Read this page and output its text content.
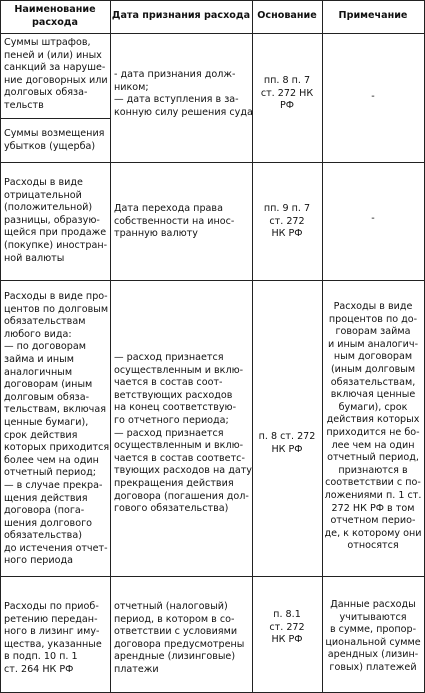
Наименование
расхода
Дата признания расхода Основание	Примечание
Суммы штрафов,
пеней и (или) иных
санкций за наруше-
ние договорных или
долговых обяза-
тельств
Суммы возмещения
убытков (ущерба)
- дата признания долж-
ником;
— дата вступления в за-
конную силу решения суда
пп. 8 п. 7
ст. 272 НК
РФ
-
Расходы в виде
отрицательной
(положительной)
разницы, образую-
щейся при продаже
(покупке) иностран-
ной валюты
Дата перехода права
собственности на инос-
транную валюту
пп. 9 п. 7
ст. 272
НК РФ
-
Расходы в виде про-
центов по долговым
обязательствам
любого вида:
— по договорам
займа и иным
аналогичным
договорам (иным
долговым обяза-
тельствам, включая
ценные бумаги),
срок действия
которых приходится
более чем на один
отчетный период;
— в случае прекра-
щения действия
договора (пога-
шения долгового
обязательства)
до истечения отчет-
ного периода
— расход признается
осуществленным и вклю-
чается в состав соот-
ветствующих расходов
на конец соответствую-
го отчетного периода;
— расход признается
осуществленным и вклю-
чается в состав соответс-
твующих расходов на дату
прекращения действия
договора (погашения дол-
гового обязательства)
п. 8 ст. 272
НК РФ
Расходы в виде
процентов по до-
говорам займа
и иным аналогич-
ным договорам
(иным долговым
обязательствам,
включая ценные
бумаги), срок
действия которых
приходится не бо-
лее чем на один
отчетный период,
признаются в
соответствии с по-
ложениями п. 1 ст.
272 НК РФ в том
отчетном перио-
де, к которому они
относятся
Расходы по приоб-
ретению передан-
ного в лизинг иму-
щества, указанные
в подп. 10 п. 1
ст. 264 НК РФ
отчетный (налоговый)
период, в котором в со-
ответствии с условиями
договора предусмотрены
арендные (лизинговые)
платежи
п. 8.1
ст. 272
НК РФ
Данные расходы
учитываются
в сумме, пропор-
циональной сумме
арендных (лизин-
говых) платежей
